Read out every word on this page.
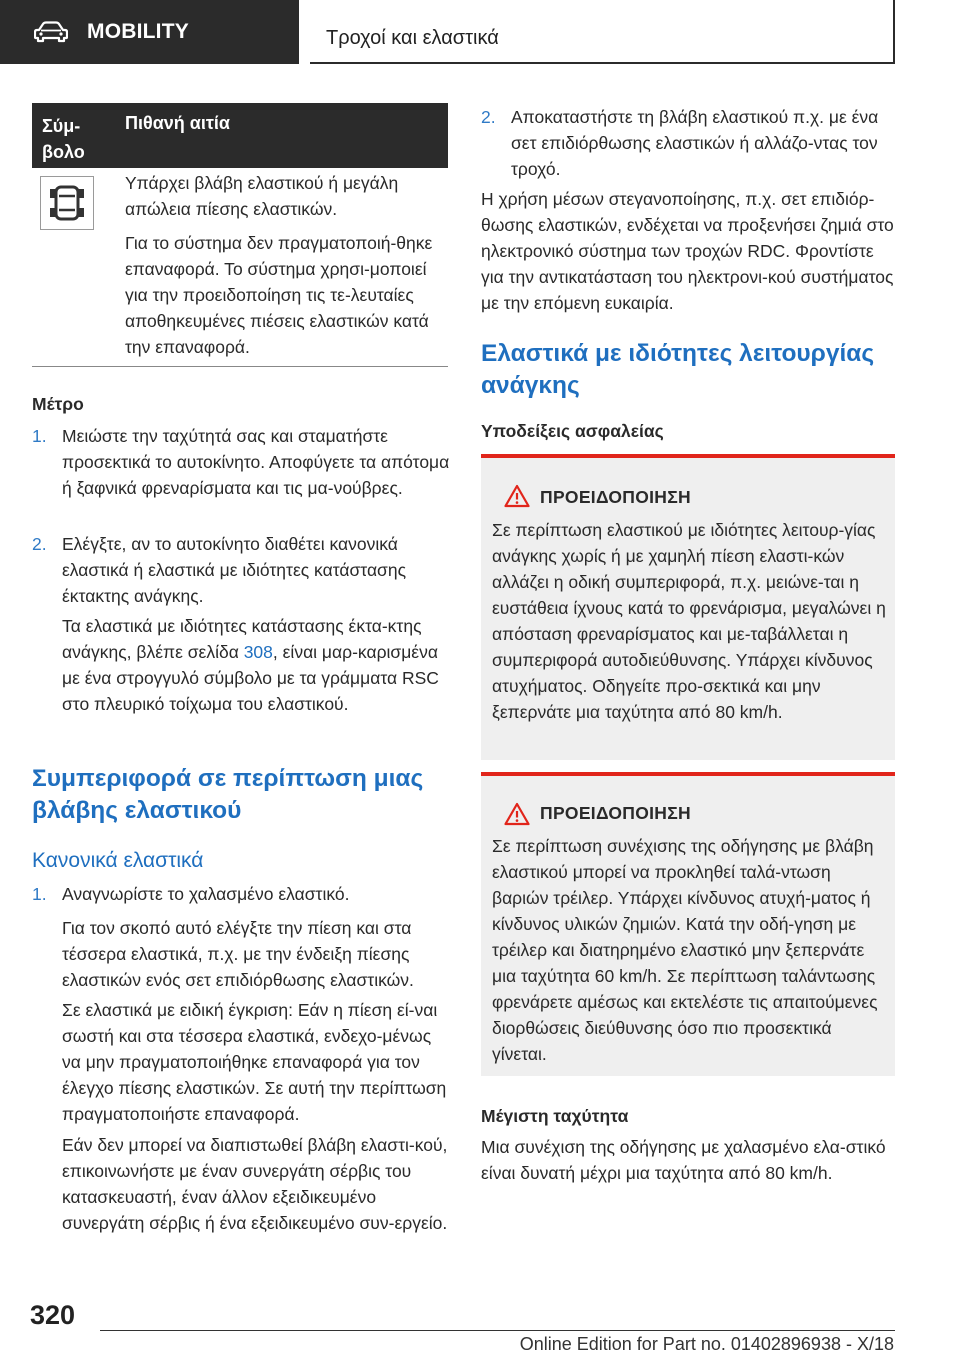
MOBILITY	Τροχοί και ελαστικά
Σύμ-
βολο
Πιθανή αιτία

Υπάρχει βλάβη ελαστικού ή μεγάλη απώλεια πίεσης ελαστικών.

Για το σύστημα δεν πραγματοποιή-θηκε επαναφορά. Το σύστημα χρησι-μοποιεί για την προειδοποίηση τις τε-λευταίες αποθηκευμένες πιέσεις ελαστικών κατά την επαναφορά.

Μέτρο
1. Μειώστε την ταχύτητά σας και σταματήστε προσεκτικά το αυτοκίνητο. Αποφύγετε τα απότομα ή ξαφνικά φρεναρίσματα και τις μα-νούβρες.

2. Ελέγξτε, αν το αυτοκίνητο διαθέτει κανονικά ελαστικά ή ελαστικά με ιδιότητες κατάστασης έκτακτης ανάγκης.

Τα ελαστικά με ιδιότητες κατάστασης έκτα-κτης ανάγκης, βλέπε σελίδα 308, είναι μαρ-καρισμένα με ένα στρογγυλό σύμβολο με τα γράμματα RSC στο πλευρικό τοίχωμα του ελαστικού.

Συμπεριφορά σε περίπτωση μιας βλάβης ελαστικού
Κανονικά ελαστικά
1. Αναγνωρίστε το χαλασμένο ελαστικό.

Για τον σκοπό αυτό ελέγξτε την πίεση και στα τέσσερα ελαστικά, π.χ. με την ένδειξη πίεσης ελαστικών ενός σετ επιδιόρθωσης ελαστικών.

Σε ελαστικά με ειδική έγκριση: Εάν η πίεση εί-ναι σωστή και στα τέσσερα ελαστικά, ενδεχο-μένως να μην πραγματοποιήθηκε επαναφορά για τον έλεγχο πίεσης ελαστικών. Σε αυτή την περίπτωση πραγματοποιήστε επαναφορά.

Εάν δεν μπορεί να διαπιστωθεί βλάβη ελαστι-κού, επικοινωνήστε με έναν συνεργάτη σέρβις του κατασκευαστή, έναν άλλον εξειδικευμένο συνεργάτη σέρβις ή ένα εξειδικευμένο συν-εργείο.

2. Αποκαταστήστε τη βλάβη ελαστικού π.χ. με ένα σετ επιδιόρθωσης ελαστικών ή αλλάζο-ντας τον τροχό.

Η χρήση μέσων στεγανοποίησης, π.χ. σετ επιδιόρ-θωσης ελαστικών, ενδέχεται να προξενήσει ζημιά στο ηλεκτρονικό σύστημα των τροχών RDC. Φροντίστε για την αντικατάσταση του ηλεκτρονι-κού συστήματος με την επόμενη ευκαιρία.

Ελαστικά με ιδιότητες λειτουργίας ανάγκης
Υποδείξεις ασφαλείας
ΠΡΟΕΙΔΟΠΟΙΗΣΗ
Σε περίπτωση ελαστικού με ιδιότητες λειτουρ-γίας ανάγκης χωρίς ή με χαμηλή πίεση ελαστι-κών αλλάζει η οδική συμπεριφορά, π.χ. μειώνε-ται η ευστάθεια ίχνους κατά το φρενάρισμα, μεγαλώνει η απόσταση φρεναρίσματος και με-ταβάλλεται η συμπεριφορά αυτοδιεύθυνσης. Υπάρχει κίνδυνος ατυχήματος. Οδηγείτε προ-σεκτικά και μην ξεπερνάτε μια ταχύτητα από 80 km/h.
ΠΡΟΕΙΔΟΠΟΙΗΣΗ
Σε περίπτωση συνέχισης της οδήγησης με βλάβη ελαστικού μπορεί να προκληθεί ταλά-ντωση βαριών τρέιλερ. Υπάρχει κίνδυνος ατυχή-ματος ή κίνδυνος υλικών ζημιών. Κατά την οδή-γηση με τρέιλερ και διατηρημένο ελαστικό μην ξεπερνάτε μια ταχύτητα 60 km/h. Σε περίπτωση ταλάντωσης φρενάρετε αμέσως και εκτελέστε τις απαιτούμενες διορθώσεις διεύθυνσης όσο πιο προσεκτικά γίνεται.
Μέγιστη ταχύτητα

Μια συνέχιση της οδήγησης με χαλασμένο ελα-στικό είναι δυνατή μέχρι μια ταχύτητα από 80 km/h.

320
Online Edition for Part no. 01402896938 - X/18
